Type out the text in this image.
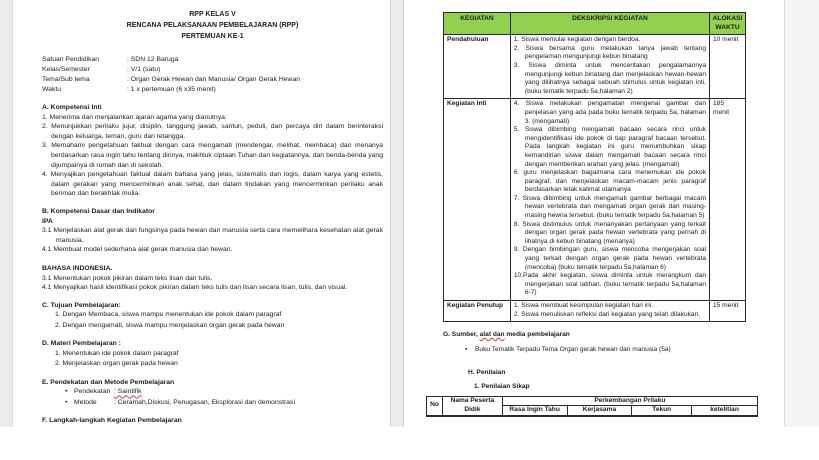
RPP KELAS V
RENCANA PELAKSANAAN PEMBELAJARAN (RPP)
PERTEMUAN KE-1
Satuan Pendidikan	: SDN 12 Baruga
Kelas/Semester	: V/1 (satu)
Tema/Sub tema	: Organ Gerak Hewan dan Manusia/ Organ Gerak Hewan
Waktu	: 1 x pertemuan (6 x35 menit)
A. Kompetensi Inti
1. Menerima dan menjalankan ajaran agama yang dianutnya.
2. Menunjukkan perilaku jujur, disiplin, tanggung jawab, santun, peduli, dan percaya diri dalam berinteraksi dengan keluarga, teman, guru dan tetangga.
3. Memahami pengetahuan faktual dengan cara mengamati (mendengar, melihat, membaca) dan menanya berdasarkan rasa ingin tahu tentang dirinya, makhluk ciptaan Tuhan dan kegiatannya, dan benda-benda yang dijumpainya di rumah dan di sekolah.
4. Menyajikan pengetahuan faktual dalam bahasa yang jelas, sistematis dan logis, dalam karya yang estetis, dalam gerakan yang mencerminkan anak sehat, dan dalam tindakan yang mencerminkan perilaku anak beriman dan berakhlak mulia.
B. Kompetensi Dasar dan Indikator
IPA
3.1 Menjelaskan alat gerak dan fungsinya pada hewan dan manusia serta cara memelihara kesehatan alat gerak manusia.
4.1 Membuat model sederhana alat gerak manusia dan hewan.
BAHASA INDONESIA.
3.1 Menentukan pokok pikiran dalam teks lisan dan tulis.
4.1 Menyajikan hasil identifikasi pokok pikiran dalam teks tulis dan lisan secara lisan, tulis, dan visual.
C. Tujuan Pembelajaran:
1. Dengan Membaca, siswa mampu menentukan ide pokok dalam paragraf
2. Dengan mengamati, siswa mampu menjelaskan organ gerak pada hewan
D. Materi Pembelajaran :
1. Menentukan ide pokok dalam paragraf
2. Menjelaskan organ gerak pada hewan
E. Pendekatan dan Metode Pembelajaran
• Pendekatan : Saintifik
• Metode	: Ceramah,Diskusi, Penugasan, Eksplorasi dan demonstrasi
F. Langkah-langkah Kegiatan Pembelajaran
KEGIATAN	DEKSKRIPSI KEGIATAN	ALOKASI WAKTU
Pendahuluan	1. Siswa memulai kegiatan dengan berdoa.
2. Siswa bersama guru melakukan tanya jawab tentang pengelaman mengunjungi kebun binatang
3. Siswa diminta untuk menceritakan pengalamannya mengunjungi kebun binatang dan menjelaskan hewan-hewan yang dilihatnya sebagai sebuah stimulus untuk kegiatan inti. (buku tematik terpadu 5a,halaman 2)	10 menit
Kegiatan Inti	4. Siswa melakukan pengamatan mengenai gambar dan penjelasan yang ada pada buku tematik terpadu 5a, halaman 3. (mengamati)
5. Siswa dibimbing mengamati bacaan secara rinci untuk mengidentifikasi ide pokok di tiap paragraf bacaan tersebut. Pada langkah kegiatan ini guru menumbuhkan sikap kemandirian siswa dalam mengamati bacaan secara rinci dengan memberikan arahan yang jelas. (mengamati)
6. guru menjelaskan bagaimana cara menemukan ide pokok paragraf, dan menjelaskan macam-macam jenis paragraf berdasarkan letak kalimat utamanya
7. Siswa dibimbing untuk mengamati gambar berbagai macam hewan vertebrata dan mengamati organ gerak dari masing-masing hewna tersebut. (buku tematik terpadu 5a,halaman 5)
8. Siswa distimulus untuk menanyakan pertanyaan yang terkait dengan organ gerak pada hewan vertebrata yang pernah di lihatnya di kebun binatang (menanya)
9. Dengan bimbingan guru, siswa mencoba mengerjakan soal yang terkait dengan organ gerak pada hewan vertebrata (mencoba) (buku tematik terpadu 5a,halaman 6)
10.Pada akhir kegiatan, siswa diminta untuk merangkum dan mengerjakan soal latihan. (buku tematik terpadu 5a,halaman 6-7)
	185 menit
Kegiatan Penutup	1. Siswa membuat kesimpulan kegiatan hari ini.
2. Siswa menuliskan refleksi dari kegiatan yang telah dilakukan.	15 menit
G. Sumber, alat dan media pembelajaran
▪	Buku Tematik Terpadu Tema Organ gerak hewan dan manusia (5a)
H. Penilaian
1. Penilaian Sikap
No	Nama Peserta Didik	Perkembangan Prilaku			
		Rasa Ingin Tahu	Kerjasama	Tekun	ketelitian
